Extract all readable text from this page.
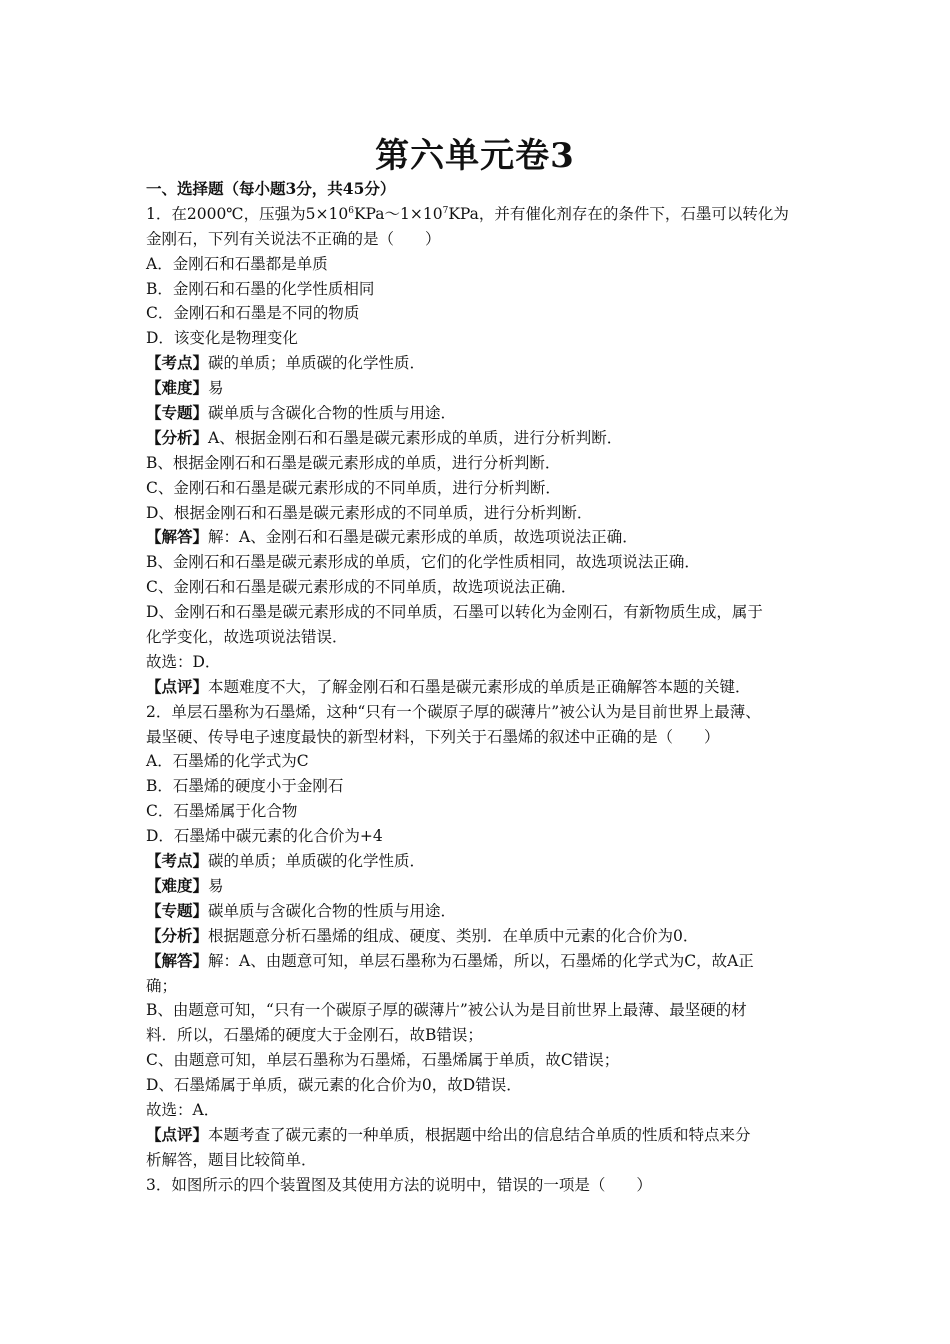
第六单元卷3

一、选择题（每小题3分，共45分）

1．在2000℃，压强为$5\times 10^6KPa\sim 1\times 10^7KPa$，并有催化剂存在的条件下，石墨可以转化为

金刚石，下列有关说法不正确的是（　　）

A．金刚石和石墨都是单质

B．金刚石和石墨的化学性质相同

C．金刚石和石墨是不同的物质

D．该变化是物理变化

【考点】碳的单质；单质碳的化学性质．

【难度】易

【专题】碳单质与含碳化合物的性质与用途．

【分析】A、根据金刚石和石墨是碳元素形成的单质，进行分析判断．

B、根据金刚石和石墨是碳元素形成的单质，进行分析判断．

C、金刚石和石墨是碳元素形成的不同单质，进行分析判断．

D、根据金刚石和石墨是碳元素形成的不同单质，进行分析判断．

【解答】解：A、金刚石和石墨是碳元素形成的单质，故选项说法正确．

B、金刚石和石墨是碳元素形成的单质，它们的化学性质相同，故选项说法正确．

C、金刚石和石墨是碳元素形成的不同单质，故选项说法正确．

D、金刚石和石墨是碳元素形成的不同单质，石墨可以转化为金刚石，有新物质生成，属于

化学变化，故选项说法错误．

故选：D．

【点评】本题难度不大，了解金刚石和石墨是碳元素形成的单质是正确解答本题的关键．

2．单层石墨称为石墨烯，这种“只有一个碳原子厚的碳薄片”被公认为是目前世界上最薄、

最坚硬、传导电子速度最快的新型材料，下列关于石墨烯的叙述中正确的是（　　）

A．石墨烯的化学式为C

B．石墨烯的硬度小于金刚石

C．石墨烯属于化合物

D．石墨烯中碳元素的化合价为+4

【考点】碳的单质；单质碳的化学性质．

【难度】易

【专题】碳单质与含碳化合物的性质与用途．

【分析】根据题意分析石墨烯的组成、硬度、类别．在单质中元素的化合价为0．

【解答】解：A、由题意可知，单层石墨称为石墨烯，所以，石墨烯的化学式为C，故A正

确；

B、由题意可知，“只有一个碳原子厚的碳薄片”被公认为是目前世界上最薄、最坚硬的材

料．所以，石墨烯的硬度大于金刚石，故B错误；

C、由题意可知，单层石墨称为石墨烯，石墨烯属于单质，故C错误；

D、石墨烯属于单质，碳元素的化合价为0，故D错误．

故选：A．

【点评】本题考查了碳元素的一种单质，根据题中给出的信息结合单质的性质和特点来分

析解答，题目比较简单．

3．如图所示的四个装置图及其使用方法的说明中，错误的一项是（　　）
